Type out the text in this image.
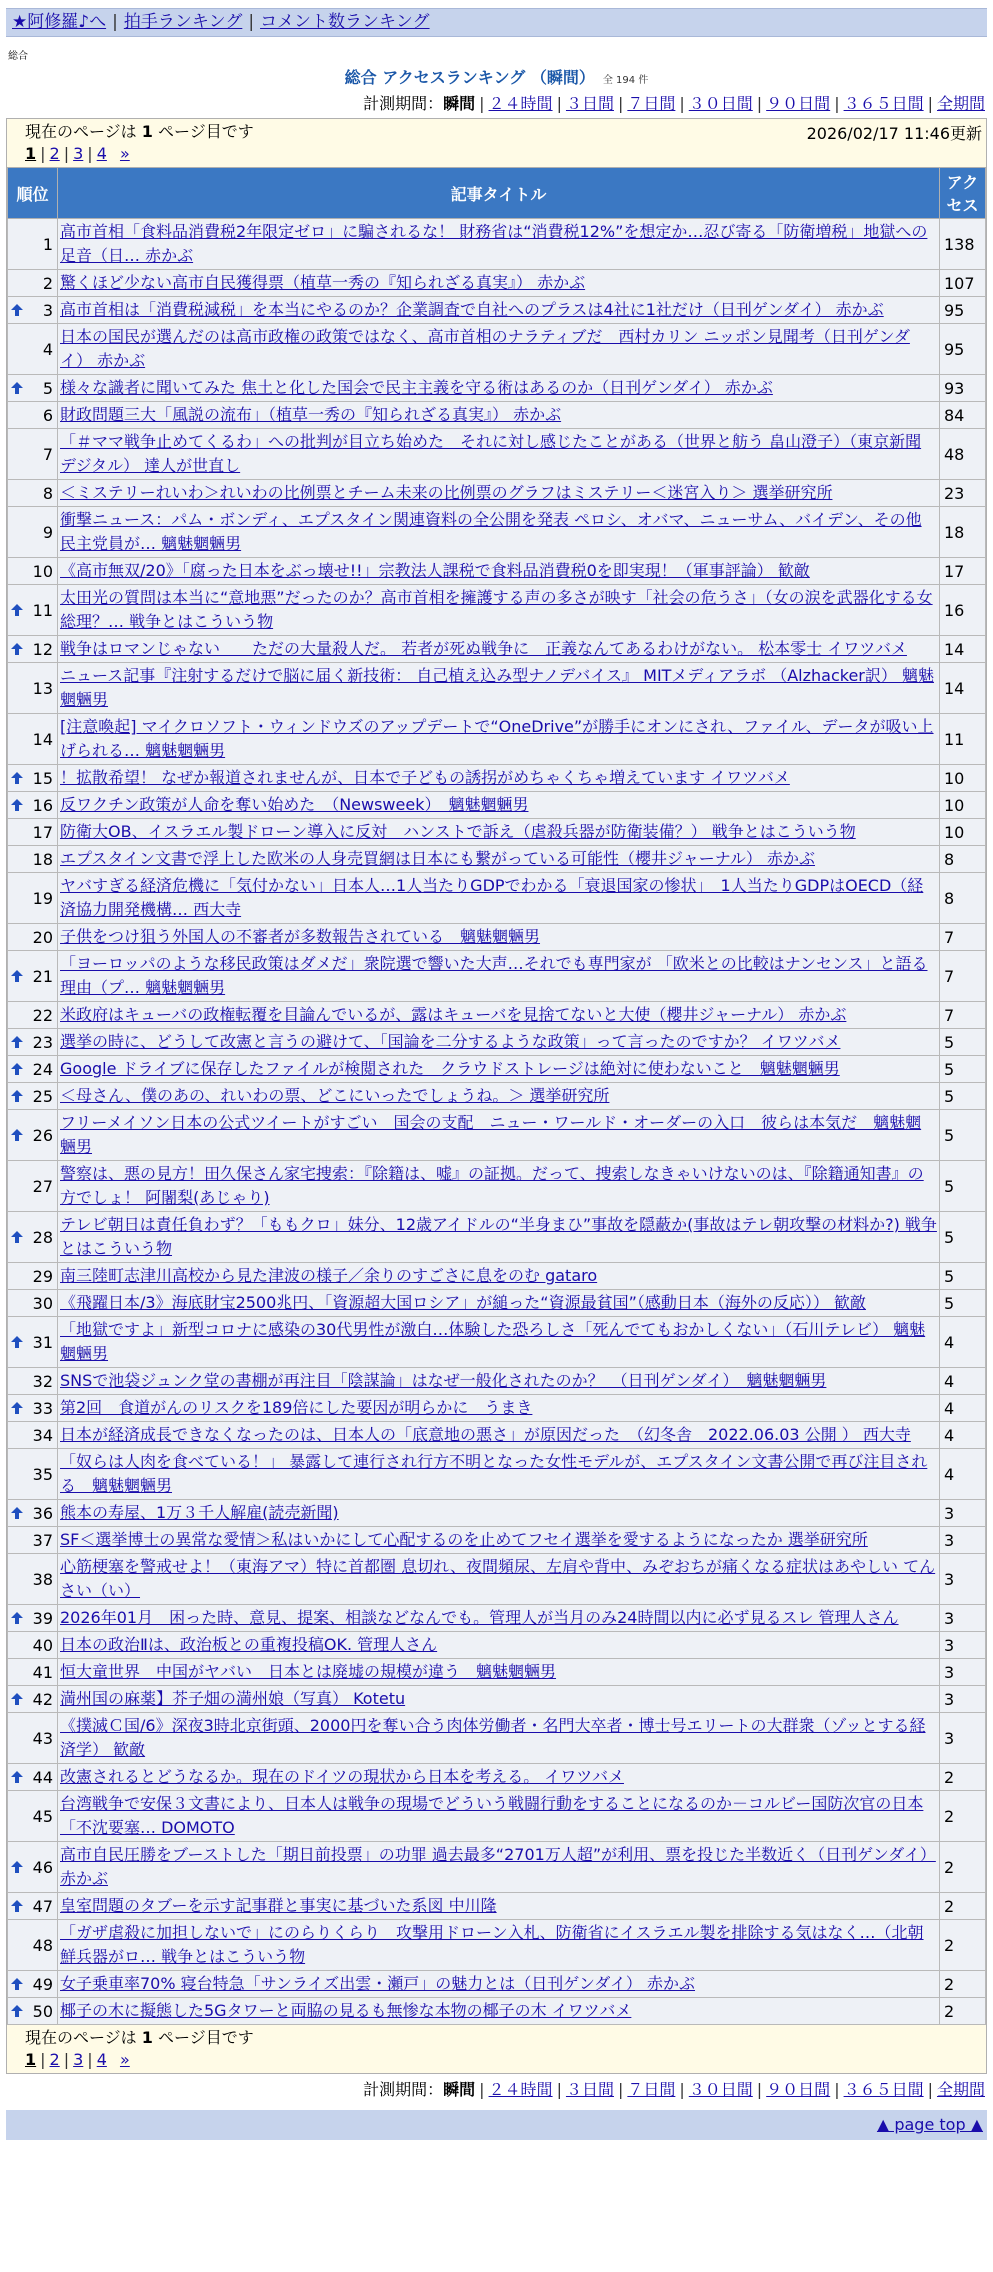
★阿修羅♪へ | 拍手ランキング | コメント数ランキング
総合
総合 アクセスランキング （瞬間） 全 194 件
計測期間：瞬間 | ２４時間 | ３日間 | ７日間 | ３０日間 | ９０日間 | ３６５日間 | 全期間
現在のページは 1 ページ目です	2026/02/17 11:46更新
1 | 2 | 3 | 4 »
順位	記事タイトル	アクセス
1	高市首相「食料品消費税2年限定ゼロ」に騙されるな！ 財務省は“消費税12%”を想定か…忍び寄る「防衛増税」地獄への足音（日… 赤かぶ	138
2	驚くほど少ない高市自民獲得票（植草一秀の『知られざる真実』） 赤かぶ	107

3	高市首相は「消費税減税」を本当にやるのか？企業調査で自社へのプラスは4社に1社だけ（日刊ゲンダイ） 赤かぶ	95
4	日本の国民が選んだのは高市政権の政策ではなく、高市首相のナラティブだ　西村カリン ニッポン見聞考（日刊ゲンダイ） 赤かぶ	95

5	様々な識者に聞いてみた 焦土と化した国会で民主主義を守る術はあるのか（日刊ゲンダイ） 赤かぶ	93
6	財政問題三大「風説の流布」（植草一秀の『知られざる真実』） 赤かぶ	84
7	「＃ママ戦争止めてくるわ」への批判が目立ち始めた　それに対し感じたことがある（世界と舫う 畠山澄子）（東京新聞デジタル） 達人が世直し	48
8	＜ミステリーれいわ＞れいわの比例票とチーム未来の比例票のグラフはミステリー＜迷宮入り＞ 選挙研究所	23
9	衝撃ニュース：パム・ボンディ、エプスタイン関連資料の全公開を発表 ペロシ、オバマ、ニューサム、バイデン、その他民主党員が… 魑魅魍魎男	18
10	《高市無双/20》「腐った日本をぶっ壊せ!!」宗教法人課税で食料品消費税0を即実現！（軍事評論） 歓敵	17

11	太田光の質問は本当に“意地悪”だったのか？高市首相を擁護する声の多さが映す「社会の危うさ」（女の涙を武器化する女総理？… 戦争とはこういう物	16

12	戦争はロマンじゃない　　ただの大量殺人だ。 若者が死ぬ戦争に　正義なんてあるわけがない。 松本零士 イワツバメ	14
13	ニュース記事『注射するだけで脳に届く新技術： 自己植え込み型ナノデバイス』 MITメディアラボ （Alzhacker訳） 魑魅魍魎男	14
14	[注意喚起] マイクロソフト・ウィンドウズのアップデートで“OneDrive”が勝手にオンにされ、ファイル、データが吸い上げられる… 魑魅魍魎男	11

15	！拡散希望！ なぜか報道されませんが、日本で子どもの誘拐がめちゃくちゃ増えています イワツバメ	10

16	反ワクチン政策が人命を奪い始めた　（Newsweek）　魑魅魍魎男	10
17	防衛大OB、イスラエル製ドローン導入に反対　ハンストで訴え（虐殺兵器が防衛装備？） 戦争とはこういう物	10
18	エプスタイン文書で浮上した欧米の人身売買網は日本にも繋がっている可能性（櫻井ジャーナル） 赤かぶ	8
19	ヤバすぎる経済危機に「気付かない」日本人…1人当たりGDPでわかる「衰退国家の惨状」　1人当たりGDPはOECD（経済協力開発機構… 西大寺	8
20	子供をつけ狙う外国人の不審者が多数報告されている　魑魅魍魎男	7

21	「ヨーロッパのような移民政策はダメだ」衆院選で響いた大声…それでも専門家が 「欧米との比較はナンセンス」と語る理由（プ… 魑魅魍魎男	7
22	米政府はキューバの政権転覆を目論んでいるが、露はキューバを見捨てないと大使（櫻井ジャーナル） 赤かぶ	7

23	選挙の時に、どうして改憲と言うの避けて、「国論を二分するような政策」って言ったのですか？ イワツバメ	5

24	Google ドライブに保存したファイルが検閲された　クラウドストレージは絶対に使わないこと　魑魅魍魎男	5

25	＜母さん、僕のあの、れいわの票、どこにいったでしょうね。＞ 選挙研究所	5

26	フリーメイソン日本の公式ツイートがすごい　国会の支配　ニュー・ワールド・オーダーの入口　彼らは本気だ　魑魅魍魎男	5
27	警察は、悪の見方！田久保さん家宅捜索：『除籍は、嘘』の証拠。だって、捜索しなきゃいけないのは、『除籍通知書』の方でしょ！ 阿闍梨(あじゃり)	5

28	テレビ朝日は責任負わず？「ももクロ」妹分、12歳アイドルの“半身まひ”事故を隠蔽か(事故はテレ朝攻撃の材料か?) 戦争とはこういう物	5
29	南三陸町志津川高校から見た津波の様子／余りのすごさに息をのむ gataro	5
30	《飛躍日本/3》海底財宝2500兆円、「資源超大国ロシア」が縋った“資源最貧国”（感動日本（海外の反応）） 歓敵	5

31	「地獄ですよ」新型コロナに感染の30代男性が激白…体験した恐ろしさ「死んでてもおかしくない」（石川テレビ） 魑魅魍魎男	4
32	SNSで池袋ジュンク堂の書棚が再注目「陰謀論」はなぜ一般化されたのか？　（日刊ゲンダイ）　魑魅魍魎男	4

33	第2回　食道がんのリスクを189倍にした要因が明らかに　うまき	4
34	日本が経済成長できなくなったのは、日本人の「底意地の悪さ」が原因だった　（幻冬舎　2022.06.03 公開 ） 西大寺	4
35	「奴らは人肉を食べている！」 暴露して連行され行方不明となった女性モデルが、エプスタイン文書公開で再び注目される　魑魅魍魎男	4

36	熊本の寿屋、1万３千人解雇(読売新聞)	3
37	SF＜選挙博士の異常な愛情＞私はいかにして心配するのを止めてフセイ選挙を愛するようになったか 選挙研究所	3
38	心筋梗塞を警戒せよ！（東海アマ）特に首都圏 息切れ、夜間頻尿、左肩や背中、みぞおちが痛くなる症状はあやしい てんさい（い）	3

39	2026年01月　困った時、意見、提案、相談などなんでも。管理人が当月のみ24時間以内に必ず見るスレ 管理人さん	3
40	日本の政治Ⅱは、政治板との重複投稿OK. 管理人さん	3
41	恒大童世界　中国がヤバい　日本とは廃墟の規模が違う　魑魅魍魎男	3

42	満州国の麻薬】芥子畑の満州娘（写真） Kotetu	3
43	《撲滅Ｃ国/6》深夜3時北京街頭、2000円を奪い合う肉体労働者・名門大卒者・博士号エリートの大群衆（ゾッとする経済学） 歓敵	3

44	改憲されるとどうなるか。現在のドイツの現状から日本を考える。 イワツバメ	2
45	台湾戦争で安保３文書により、日本人は戦争の現場でどういう戦闘行動をすることになるのか－コルビー国防次官の日本「不沈要塞… DOMOTO	2

46	高市自民圧勝をブーストした「期日前投票」の功罪 過去最多“2701万人超”が利用、票を投じた半数近く（日刊ゲンダイ） 赤かぶ	2

47	皇室問題のタブーを示す記事群と事実に基づいた系図 中川隆	2
48	「ガザ虐殺に加担しないで」にのらりくらり　攻撃用ドローン入札、防衛省にイスラエル製を排除する気はなく…（北朝鮮兵器がロ… 戦争とはこういう物	2

49	女子乗車率70% 寝台特急「サンライズ出雲・瀬戸」の魅力とは（日刊ゲンダイ） 赤かぶ	2

50	椰子の木に擬態した5Gタワーと両脇の見るも無惨な本物の椰子の木 イワツバメ	2
現在のページは 1 ページ目です
1 | 2 | 3 | 4 »
計測期間：瞬間 | ２４時間 | ３日間 | ７日間 | ３０日間 | ９０日間 | ３６５日間 | 全期間
▲ page top ▲
